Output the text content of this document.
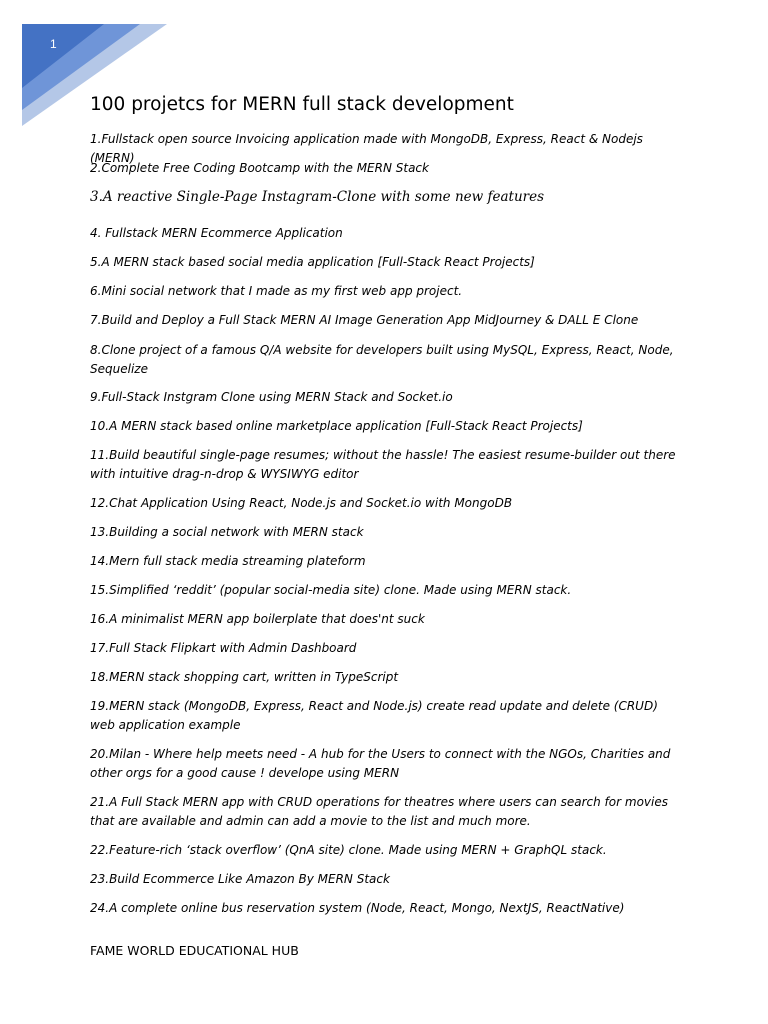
1
100 projetcs for MERN full stack development

1.Fullstack open source Invoicing application made with MongoDB, Express, React & Nodejs (MERN)

2.Complete Free Coding Bootcamp with the MERN Stack

3.A reactive Single-Page Instagram-Clone with some new features

4. Fullstack MERN Ecommerce Application

5.A MERN stack based social media application [Full-Stack React Projects]

6.Mini social network that I made as my first web app project.

7.Build and Deploy a Full Stack MERN AI Image Generation App MidJourney & DALL E Clone

8.Clone project of a famous Q/A website for developers built using MySQL, Express, React, Node, Sequelize

9.Full-Stack Instgram Clone using MERN Stack and Socket.io

10.A MERN stack based online marketplace application [Full-Stack React Projects]

11.Build beautiful single-page resumes; without the hassle! The easiest resume-builder out there with intuitive drag-n-drop & WYSIWYG editor

12.Chat Application Using React, Node.js and Socket.io with MongoDB

13.Building a social network with MERN stack

14.Mern full stack media streaming plateform

15.Simplified ‘reddit’ (popular social-media site) clone. Made using MERN stack.

16.A minimalist MERN app boilerplate that does'nt suck

17.Full Stack Flipkart with Admin Dashboard

18.MERN stack shopping cart, written in TypeScript

19.MERN stack (MongoDB, Express, React and Node.js) create read update and delete (CRUD) web application example

20.Milan - Where help meets need - A hub for the Users to connect with the NGOs, Charities and other orgs for a good cause ! develope using MERN

21.A Full Stack MERN app with CRUD operations for theatres where users can search for movies that are available and admin can add a movie to the list and much more.

22.Feature-rich ‘stack overflow’ (QnA site) clone. Made using MERN + GraphQL stack.

23.Build Ecommerce Like Amazon By MERN Stack

24.A complete online bus reservation system (Node, React, Mongo, NextJS, ReactNative)

FAME WORLD EDUCATIONAL HUB
